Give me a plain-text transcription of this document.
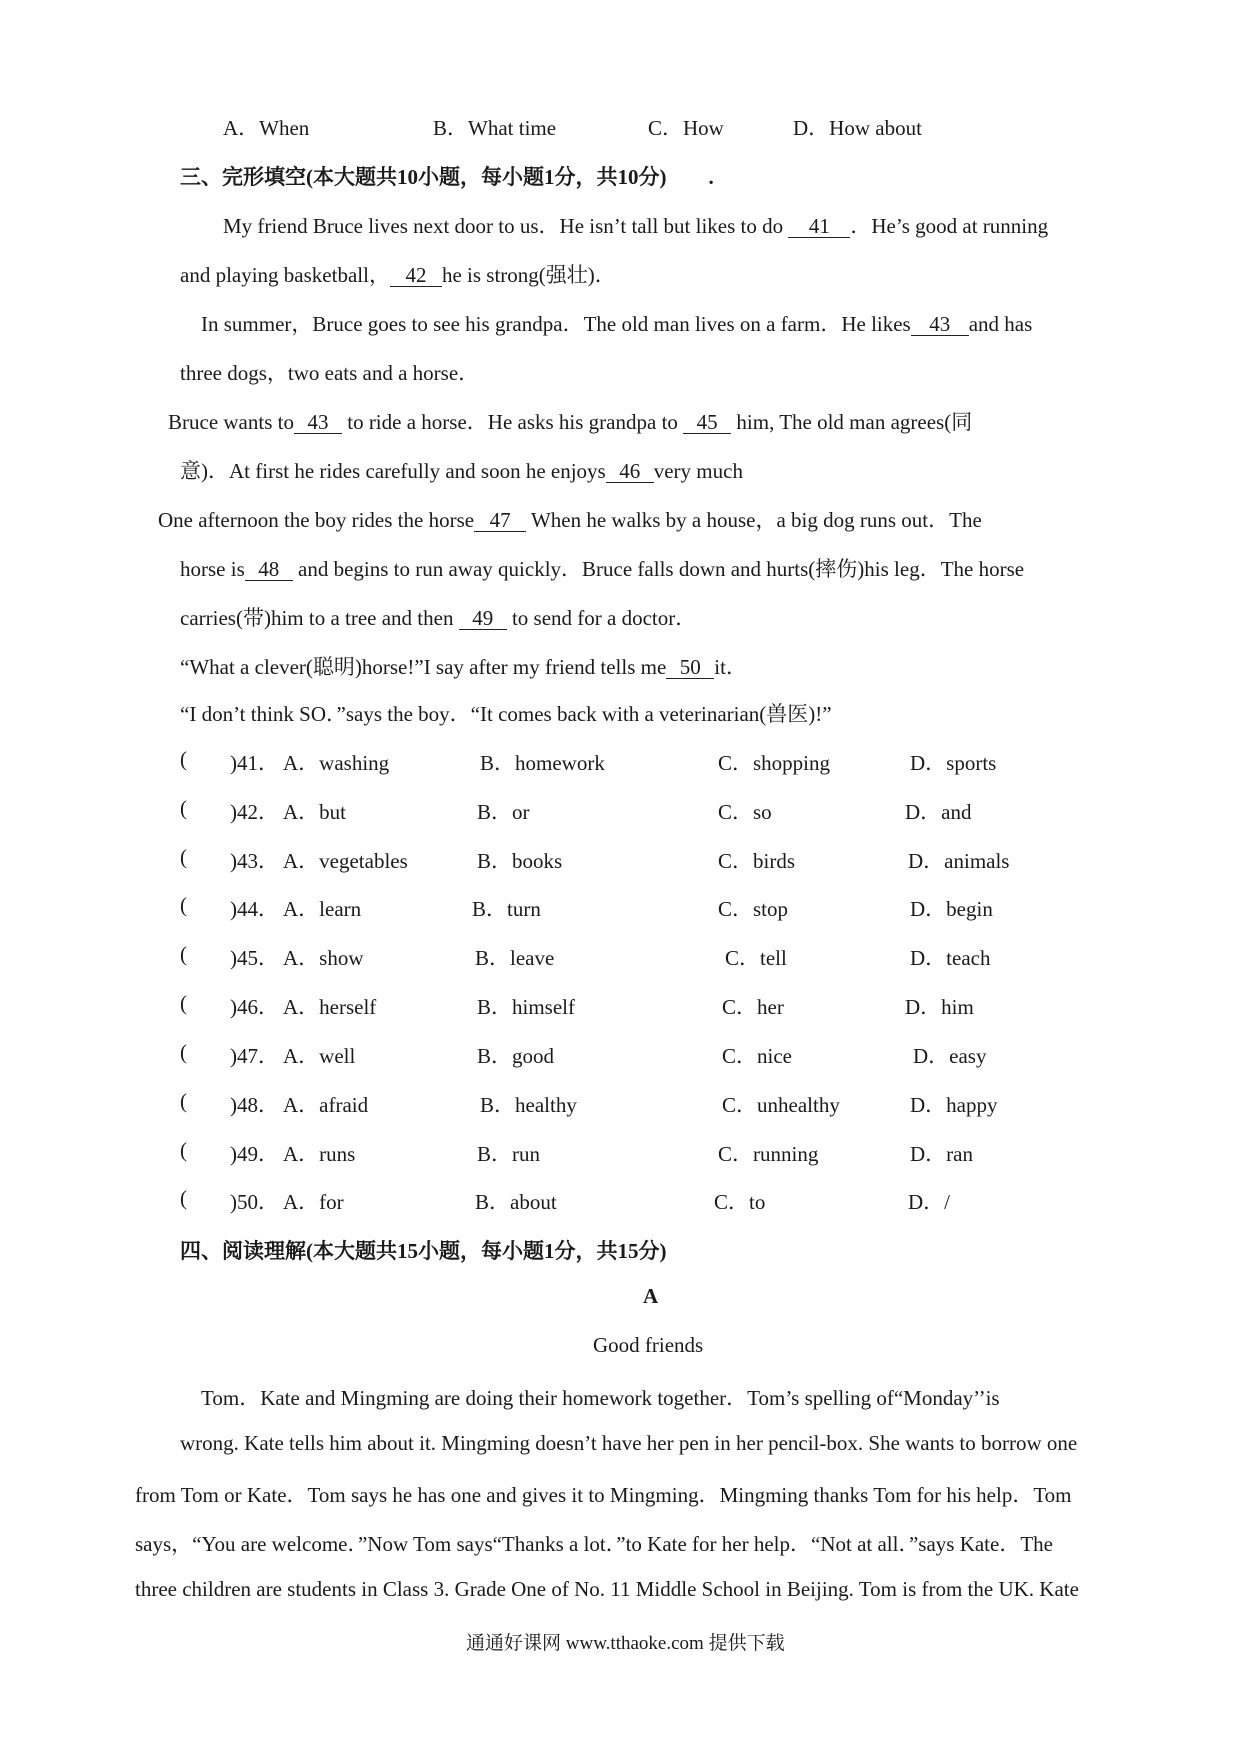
A．When	B．What time	C．How	D．How about
三、完形填空(本大题共10小题，每小题1分，共10分) .
My friend Bruce lives next door to us．He isn’t tall but likes to do 41 ．He’s good at running
and playing basketball， 42 he is strong(强壮)．
In summer，Bruce goes to see his grandpa．The old man lives on a farm．He likes 43 and has
three dogs，two eats and a horse．
Bruce wants to 43 to ride a horse．He asks his grandpa to 45 him, The old man agrees(同
意)．At first he rides carefully and soon he enjoys 46 very much
One afternoon the boy rides the horse 47 When he walks by a house，a big dog runs out．The
horse is 48 and begins to run away quickly．Bruce falls down and hurts(摔伤)his leg．The horse
carries(带)him to a tree and then 49 to send for a doctor．
“What a clever(聪明)horse!”I say after my friend tells me 50 it．
“I don’t think SO．”says the boy．“It comes back with a veterinarian(兽医)!”
( )41． A．washing	B．homework	C．shopping	D．sports
( )42． A．but	B．or	C．so	D．and
( )43． A．vegetables	B．books	C．birds	D．animals
( )44． A．learn	B．turn	C．stop	D．begin
( )45． A．show	B．leave	C．tell	D．teach
( )46． A．herself	B．himself	C．her	D．him
( )47． A．well	B．good	C．nice	D．easy
( )48． A．afraid	B．healthy	C．unhealthy	D．happy
( )49． A．runs	B．run	C．running	D．ran
( )50． A．for	B．about	C．to	D．/
四、阅读理解(本大题共15小题，每小题1分，共15分)
A
Good friends
Tom．Kate and Mingming are doing their homework together．Tom’s spelling of“Monday’’is
wrong. Kate tells him about it. Mingming doesn’t have her pen in her pencil-box. She wants to borrow one
from Tom or Kate．Tom says he has one and gives it to Mingming．Mingming thanks Tom for his help．Tom
says，“You are welcome．”Now Tom says“Thanks a lot．”to Kate for her help．“Not at all．”says Kate．The
three children are students in Class 3. Grade One of No. 11 Middle School in Beijing. Tom is from the UK. Kate
通通好课网 www.tthaoke.com 提供下载
